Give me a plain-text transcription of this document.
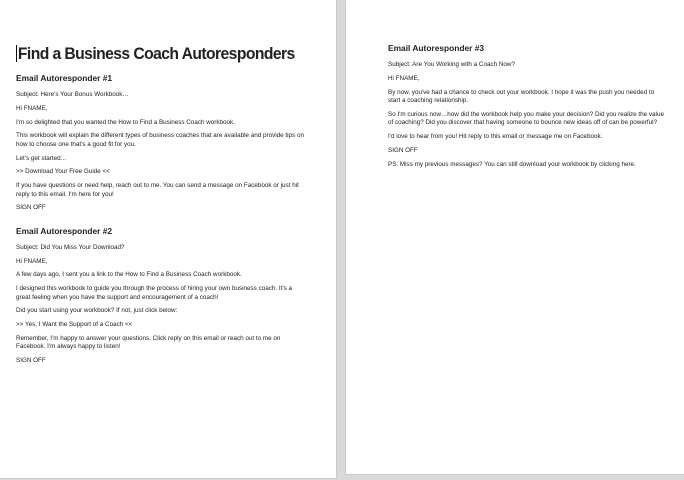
Find a Business Coach Autoresponders
Email Autoresponder #1

Subject: Here's Your Bonus Workbook…

Hi FNAME,

I'm so delighted that you wanted the How to Find a Business Coach workbook.

This workbook will explain the different types of business coaches that are available and provide tips on how to choose one that's a good fit for you.

Let's get started…

>> Download Your Free Guide <<

If you have questions or need help, reach out to me. You can send a message on Facebook or just hit reply to this email. I'm here for you!

SIGN OFF

Email Autoresponder #2

Subject: Did You Miss Your Download?

Hi FNAME,

A few days ago, I sent you a link to the How to Find a Business Coach workbook.

I designed this workbook to guide you through the process of hiring your own business coach. It's a great feeling when you have the support and encouragement of a coach!

Did you start using your workbook? If not, just click below:

>> Yes, I Want the Support of a Coach <<

Remember, I'm happy to answer your questions. Click reply on this email or reach out to me on Facebook. I'm always happy to listen!

SIGN OFF

Email Autoresponder #3

Subject: Are You Working with a Coach Now?

Hi FNAME,

By now, you've had a chance to check out your workbook. I hope it was the push you needed to start a coaching relationship.

So I'm curious now…how did the workbook help you make your decision? Did you realize the value of coaching? Did you discover that having someone to bounce new ideas off of can be powerful?

I'd love to hear from you! Hit reply to this email or message me on Facebook.

SIGN OFF

PS: Miss my previous messages? You can still download your workbook by clicking here.
